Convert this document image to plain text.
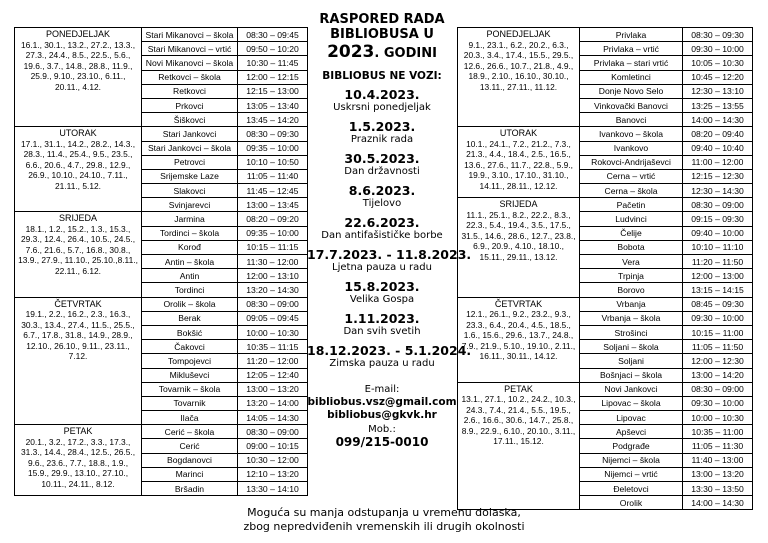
PONEDJELJAK
16.1., 30.1., 13.2., 27.2., 13.3., 27.3., 24.4., 8.5., 22.5., 5.6., 19.6., 3.7., 14.8., 28.8., 11.9., 25.9., 9.10., 23.10., 6.11., 20.11., 4.12.	Stari Mikanovci – škola	08:30 – 09:45
	Stari Mikanovci – vrtić	09:50 – 10:20
	Novi Mikanovci – škola	10:30 – 11:45
	Retkovci – škola	12:00 – 12:15
	Retkovci	12:15 – 13:00
	Prkovci	13:05 – 13:40
	Šiškovci	13:45 – 14:20

UTORAK
17.1., 31.1., 14.2., 28.2., 14.3., 28.3., 11.4., 25.4., 9.5., 23.5., 6.6., 20.6., 4.7., 29.8., 12.9., 26.9., 10.10., 24.10., 7.11., 21.11., 5.12.	Stari Jankovci	08:30 – 09:30
	Stari Jankovci – škola	09:35 – 10:00
	Petrovci	10:10 – 10:50
	Srijemske Laze	11:05 – 11:40
	Slakovci	11:45 – 12:45
	Svinjarevci	13:00 – 13:45

SRIJEDA
18.1., 1.2., 15.2., 1.3., 15.3., 29.3., 12.4., 26.4., 10.5., 24.5., 7.6., 21.6., 5.7., 16.8., 30.8., 13.9., 27.9., 11.10., 25.10.,8.11., 22.11., 6.12.	Jarmina	08:20 – 09:20
	Tordinci – škola	09:35 – 10:00
	Korođ	10:15 – 11:15
	Antin – škola	11:30 – 12:00
	Antin	12:00 – 13:10
	Tordinci	13:20 – 14:30

ČETVRTAK
19.1., 2.2., 16.2., 2.3., 16.3., 30.3., 13.4., 27.4., 11.5., 25.5., 6.7., 17.8., 31.8., 14.9., 28.9., 12.10., 26.10., 9.11., 23.11., 7.12.	Orolik – škola	08:30 – 09:00
	Berak	09:05 – 09:45
	Bokšić	10:00 – 10:30
	Čakovci	10:35 – 11:15
	Tompojevci	11:20 – 12:00
	Mikluševci	12:05 – 12:40
	Tovarnik – škola	13:00 – 13:20
	Tovarnik	13:20 – 14:00
	Ilača	14:05 – 14:30

PETAK
20.1., 3.2., 17.2., 3.3., 17.3., 31.3., 14.4., 28.4., 12.5., 26.5., 9.6., 23.6., 7.7., 18.8., 1.9., 15.9., 29.9., 13.10., 27.10., 10.11., 24.11., 8.12.	Cerić – škola	08:30 – 09:00
	Cerić	09:00 – 10:15
	Bogdanovci	10:30 – 12:00
	Marinci	12:10 – 13:20
	Bršadin	13:30 – 14:10
RASPORED RADA
BIBLIOBUSA U
2023. GODINI
BIBLIOBUS NE VOZI:
10.4.2023.
Uskrsni ponedjeljak
1.5.2023.
Praznik rada
30.5.2023.
Dan državnosti
8.6.2023.
Tijelovo
22.6.2023.
Dan antifašističke borbe
17.7.2023. - 11.8.2023.
Ljetna pauza u radu
15.8.2023.
Velika Gospa
1.11.2023.
Dan svih svetih
18.12.2023. - 5.1.2024.
Zimska pauza u radu
E-mail:
bibliobus.vsz@gmail.com
bibliobus@gkvk.hr
Mob.:
099/215-0010
PONEDJELJAK
9.1., 23.1., 6.2., 20.2., 6.3., 20.3., 3.4., 17.4., 15.5., 29.5., 12.6., 26.6., 10.7., 21.8., 4.9., 18.9., 2.10., 16.10., 30.10., 13.11., 27.11., 11.12.	Privlaka	08:30 – 09:30
	Privlaka – vrtić	09:30 – 10:00
	Privlaka – stari vrtić	10:05 – 10:30
	Komletinci	10:45 – 12:20
	Donje Novo Selo	12:30 – 13:10
	Vinkovački Banovci	13:25 – 13:55
	Banovci	14:00 – 14:30

UTORAK
10.1., 24.1., 7.2., 21.2., 7.3., 21.3., 4.4., 18.4., 2.5., 16.5., 13.6., 27.6., 11.7., 22.8., 5.9., 19.9., 3.10., 17.10., 31.10., 14.11., 28.11., 12.12.	Ivankovo – škola	08:20 – 09:40
	Ivankovo	09:40 – 10:40
	Rokovci-Andrijaševci	11:00 – 12:00
	Cerna – vrtić	12:15 – 12:30
	Cerna – škola	12:30 – 14:30

SRIJEDA
11.1., 25.1., 8.2., 22.2., 8.3., 22.3., 5.4., 19.4., 3.5., 17.5., 31.5., 14.6., 28.6., 12.7., 23.8., 6.9., 20.9., 4.10., 18.10., 15.11., 29.11., 13.12.	Pačetin	08:30 – 09:00
	Ludvinci	09:15 – 09:30
	Čelije	09:40 – 10:00
	Bobota	10:10 – 11:10
	Vera	11:20 – 11:50
	Trpinja	12:00 – 13:00
	Borovo	13:15 – 14:15

ČETVRTAK
12.1., 26.1., 9.2., 23.2., 9.3., 23.3., 6.4., 20.4., 4.5., 18.5., 1.6., 15.6., 29.6., 13.7., 24.8., 7.9., 21.9., 5.10., 19.10., 2.11., 16.11., 30.11., 14.12.	Vrbanja	08:45 – 09:30
	Vrbanja – škola	09:30 – 10:00
	Strošinci	10:15 – 11:00
	Soljani – škola	11:05 – 11:50
	Soljani	12:00 – 12:30
	Bošnjaci – škola	13:00 – 14:20

PETAK
13.1., 27.1., 10.2., 24.2., 10.3., 24.3., 7.4., 21.4., 5.5., 19.5., 2.6., 16.6., 30.6., 14.7., 25.8., 8.9., 22.9., 6.10., 20.10., 3.11., 17.11., 15.12.	Novi Jankovci	08:30 – 09:00
	Lipovac – škola	09:30 – 10:00
	Lipovac	10:00 – 10:30
	Apševci	10:35 – 11:00
	Podgrađe	11:05 – 11:30
	Nijemci – škola	11:40 – 13:00
	Nijemci – vrtić	13:00 – 13:20
	Đeletovci	13:30 – 13:50
	Orolik	14:00 – 14:30
Moguća su manja odstupanja u vremenu dolaska,
zbog nepredviđenih vremenskih ili drugih okolnosti
